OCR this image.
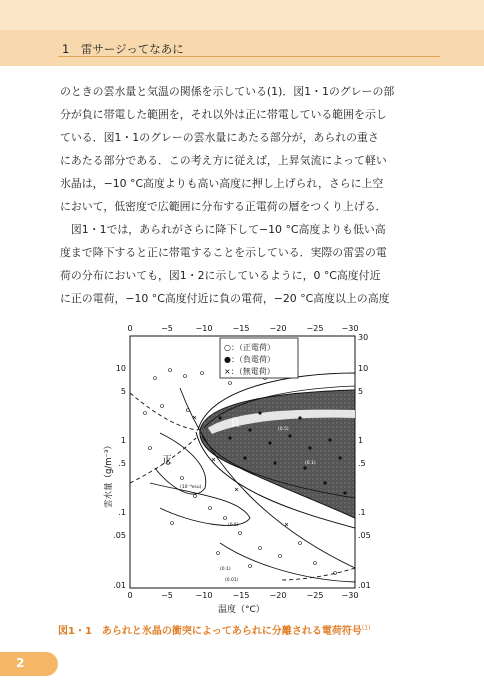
1　雷サージってなあに

のときの雲水量と気温の関係を示している(1)．図1・1のグレーの部

分が負に帯電した範囲を，それ以外は正に帯電している範囲を示し

ている．図1・1のグレーの雲水量にあたる部分が，あられの重さ

にあたる部分である．この考え方に従えば，上昇気流によって軽い

氷晶は，−10 °C高度よりも高い高度に押し上げられ，さらに上空

において，低密度で広範囲に分布する正電荷の層をつくり上げる．

　図1・1では，あられがさらに降下して−10 °C高度よりも低い高

度まで降下すると正に帯電することを示している．実際の雷雲の電

荷の分布においても，図1・2に示しているように，0 °C高度付近

に正の電荷，−10 °C高度付近に負の電荷，−20 °C高度以上の高度

負
正
(0.5)
(0.1)
(0.01)
(0.5)
(10⁻⁴esu)
(0.1)
○：（正電荷）
●：（負電荷）
×：（無電荷）
0	−5	−10	−15	−20	−25 −30
0	−5	−10	−15	−20	−25 −30
10
5
1
.5
.1
.05
.01
30
10
5
1
.5
.1
.05
.01
雲水量（g/m⁻³）
温度（°C）
図1・1　あられと氷晶の衝突によってあられに分離される電荷符号$^{(1)}$
2
